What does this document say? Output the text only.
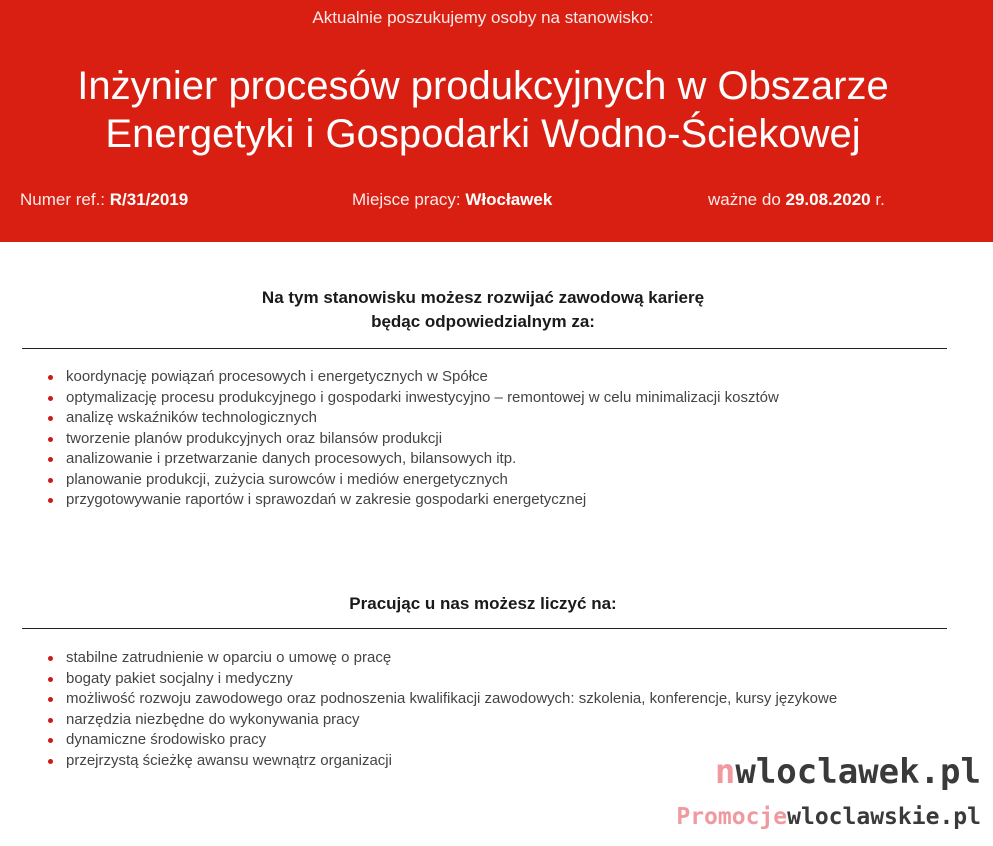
Aktualnie poszukujemy osoby na stanowisko:
Inżynier procesów produkcyjnych w Obszarze
Energetyki i Gospodarki Wodno-Ściekowej
Numer ref.: R/31/2019	Miejsce pracy: Włocławek	ważne do 29.08.2020 r.
Na tym stanowisku możesz rozwijać zawodową karierę
będąc odpowiedzialnym za:
koordynację powiązań procesowych i energetycznych w Spółce
optymalizację procesu produkcyjnego i gospodarki inwestycyjno – remontowej w celu minimalizacji kosztów
analizę wskaźników technologicznych
tworzenie planów produkcyjnych oraz bilansów produkcji
analizowanie i przetwarzanie danych procesowych, bilansowych itp.
planowanie produkcji, zużycia surowców i mediów energetycznych
przygotowywanie raportów i sprawozdań w zakresie gospodarki energetycznej
Pracując u nas możesz liczyć na:
stabilne zatrudnienie w oparciu o umowę o pracę
bogaty pakiet socjalny i medyczny
możliwość rozwoju zawodowego oraz podnoszenia kwalifikacji zawodowych: szkolenia, konferencje, kursy językowe
narzędzia niezbędne do wykonywania pracy
dynamiczne środowisko pracy
przejrzystą ścieżkę awansu wewnątrz organizacji	nwloclawek.pl
Promocjewloclawskie.pl
